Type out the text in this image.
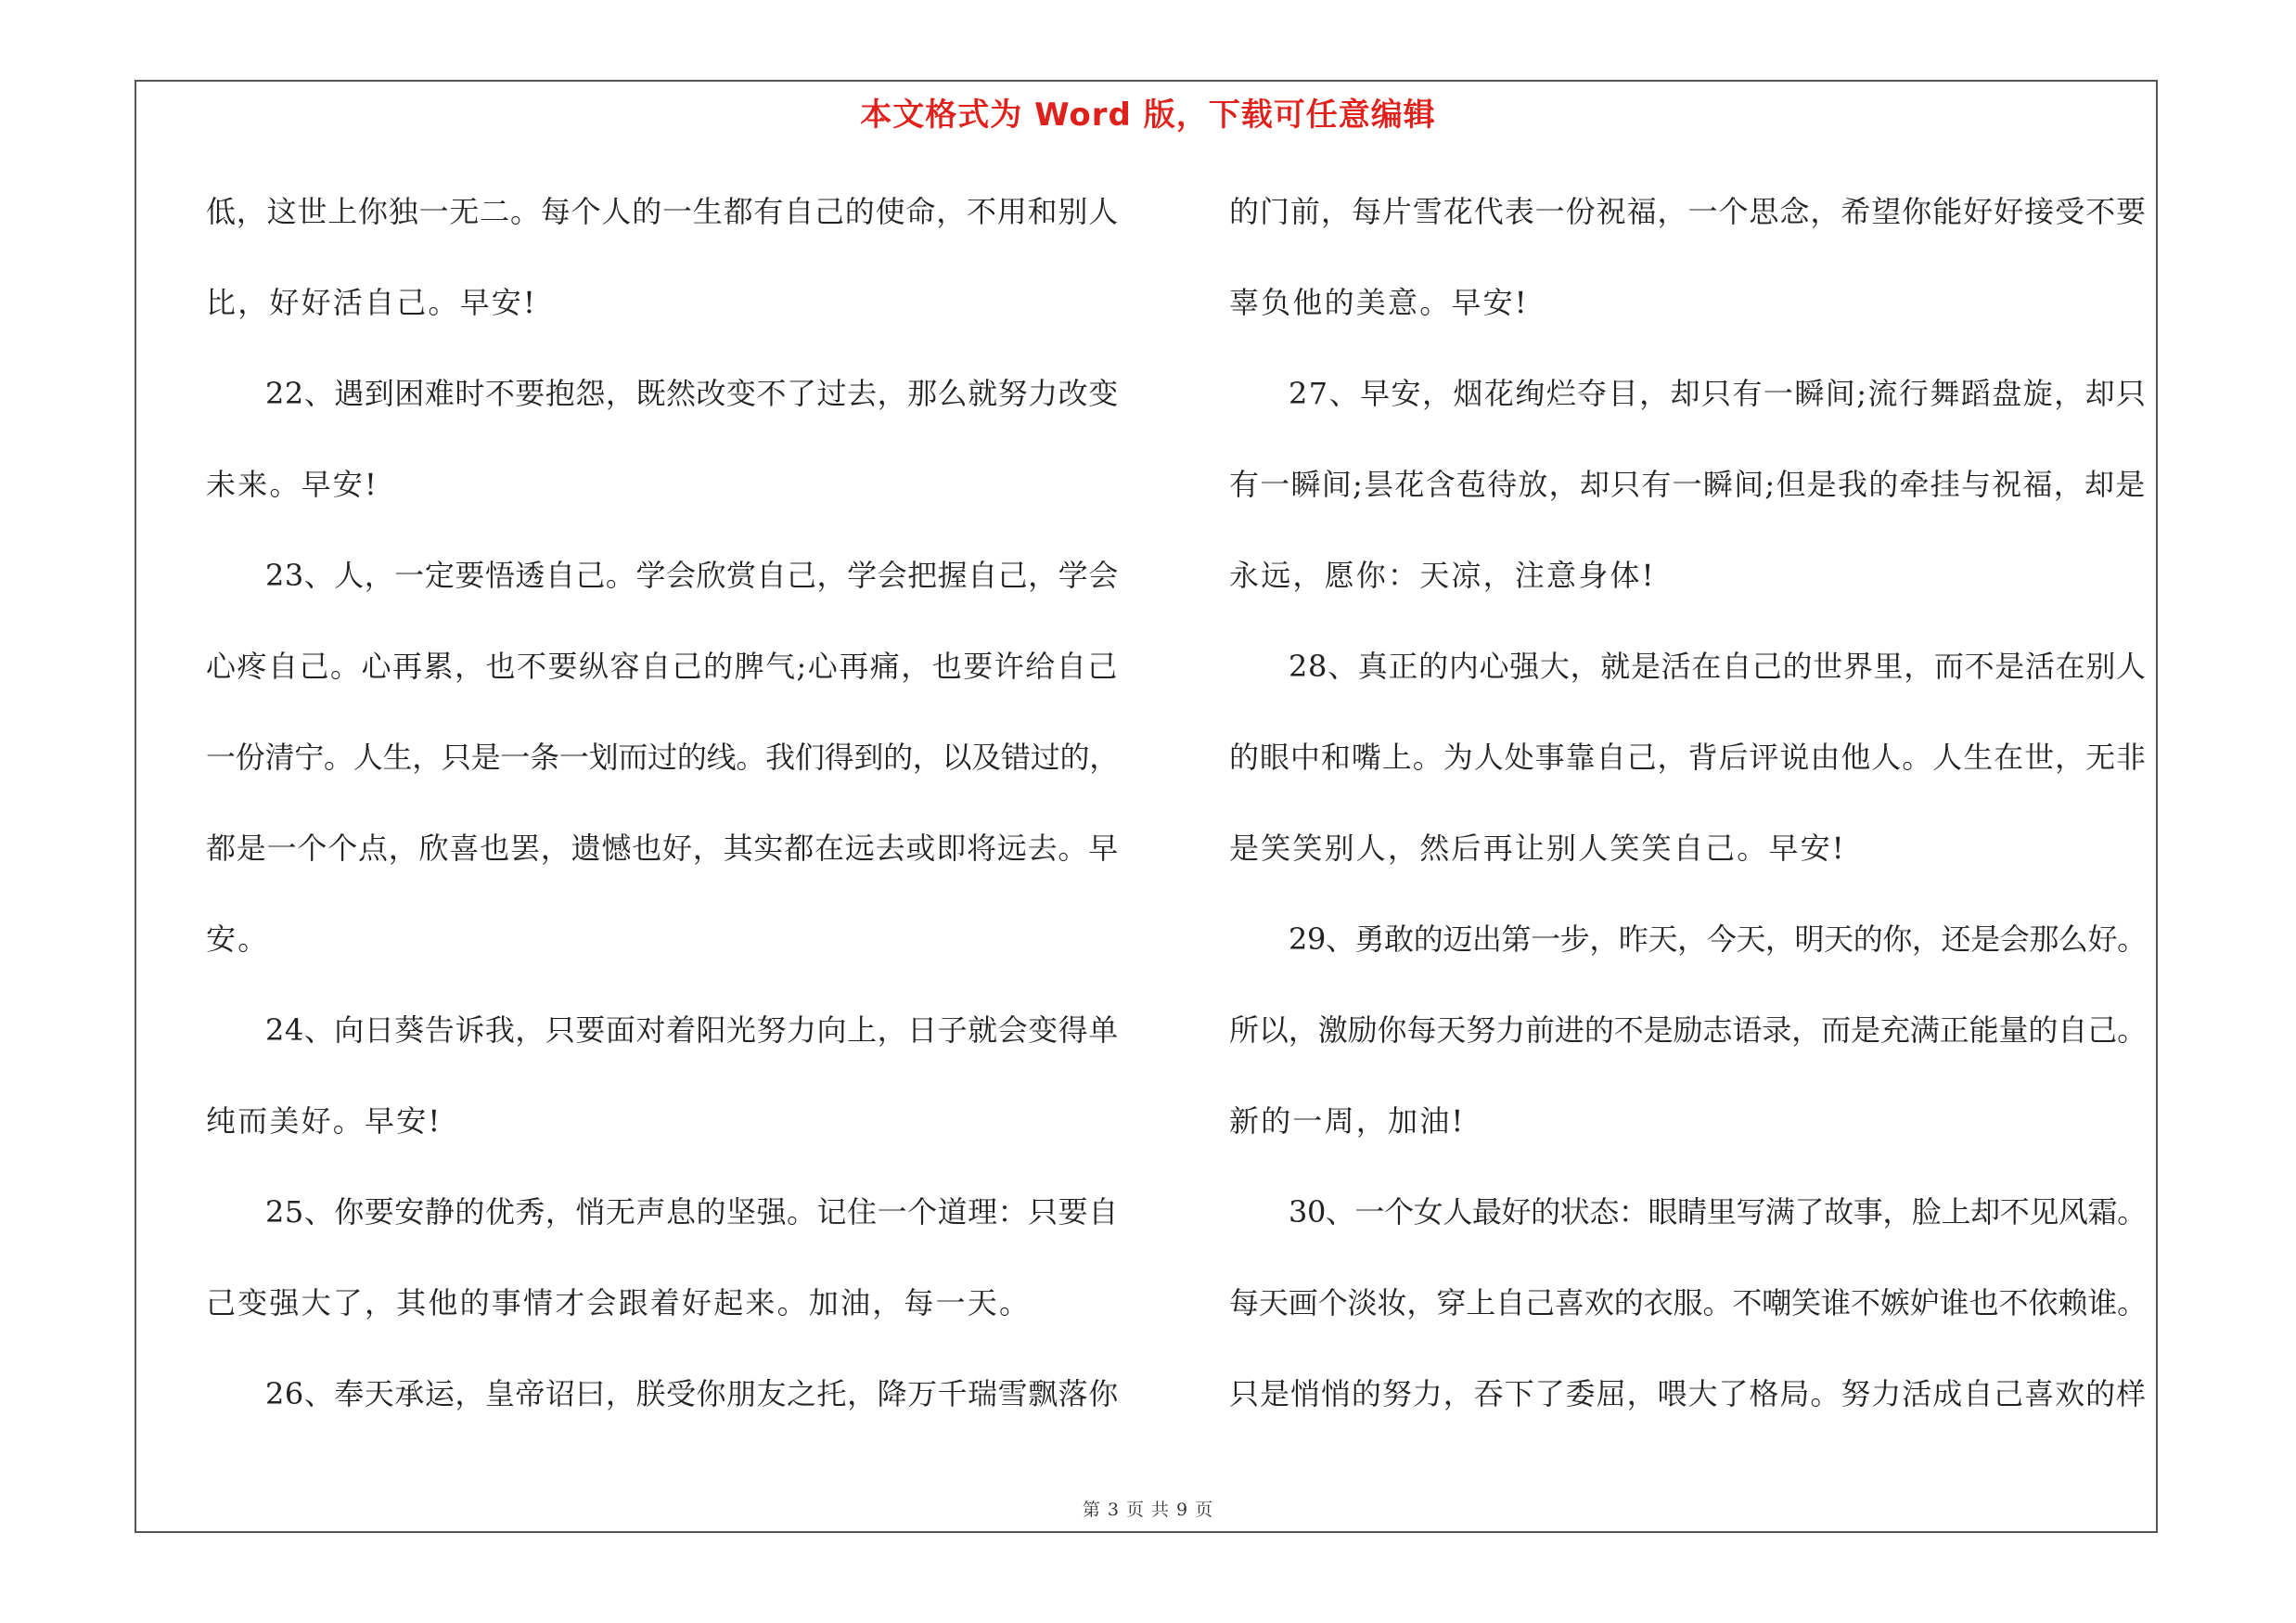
本文格式为 Word 版，下载可任意编辑
低，这世上你独一无二。每个人的一生都有自己的使命，不用和别人
比，好好活自己。早安!
22、遇到困难时不要抱怨，既然改变不了过去，那么就努力改变
未来。早安!
23、人，一定要悟透自己。学会欣赏自己，学会把握自己，学会
心疼自己。心再累，也不要纵容自己的脾气;心再痛，也要许给自己
一份清宁。人生，只是一条一划而过的线。我们得到的，以及错过的，
都是一个个点，欣喜也罢，遗憾也好，其实都在远去或即将远去。早
安。
24、向日葵告诉我，只要面对着阳光努力向上，日子就会变得单
纯而美好。早安!
25、你要安静的优秀，悄无声息的坚强。记住一个道理：只要自
己变强大了，其他的事情才会跟着好起来。加油，每一天。
26、奉天承运，皇帝诏曰，朕受你朋友之托，降万千瑞雪飘落你
的门前，每片雪花代表一份祝福，一个思念，希望你能好好接受不要
辜负他的美意。早安!
27、早安，烟花绚烂夺目，却只有一瞬间;流行舞蹈盘旋，却只
有一瞬间;昙花含苞待放，却只有一瞬间;但是我的牵挂与祝福，却是
永远，愿你：天凉，注意身体!
28、真正的内心强大，就是活在自己的世界里，而不是活在别人
的眼中和嘴上。为人处事靠自己，背后评说由他人。人生在世，无非
是笑笑别人，然后再让别人笑笑自己。早安!
29、勇敢的迈出第一步，昨天，今天，明天的你，还是会那么好。
所以，激励你每天努力前进的不是励志语录，而是充满正能量的自己。
新的一周，加油!
30、一个女人最好的状态：眼睛里写满了故事，脸上却不见风霜。
每天画个淡妆，穿上自己喜欢的衣服。不嘲笑谁不嫉妒谁也不依赖谁。
只是悄悄的努力，吞下了委屈，喂大了格局。努力活成自己喜欢的样
第 3 页 共 9 页
